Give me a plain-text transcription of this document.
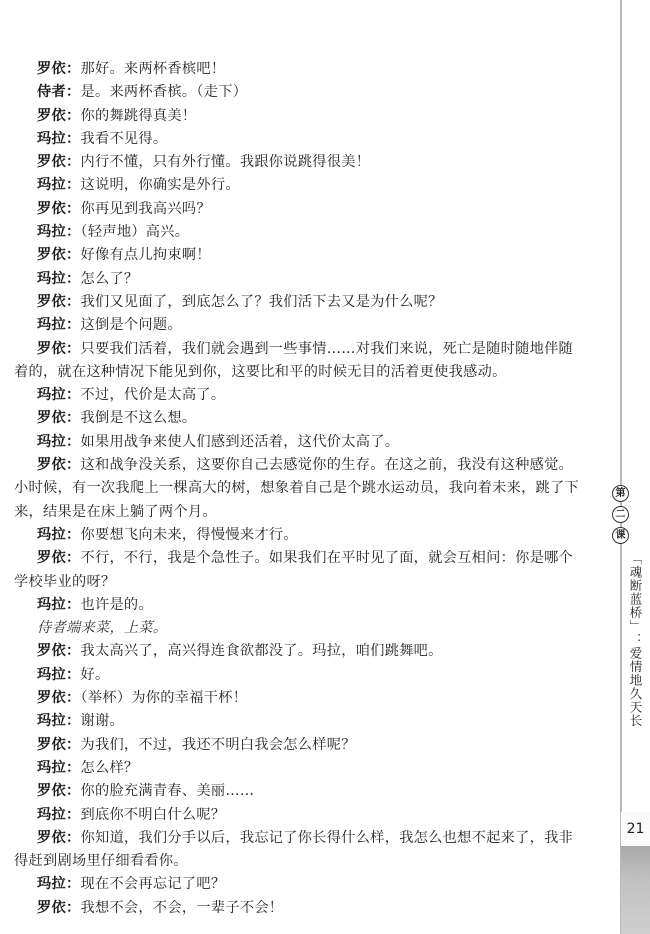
罗依：那好。来两杯香槟吧！
侍者：是。来两杯香槟。（走下）
罗依：你的舞跳得真美！
玛拉：我看不见得。
罗依：内行不懂，只有外行懂。我跟你说跳得很美！
玛拉：这说明，你确实是外行。
罗依：你再见到我高兴吗？
玛拉：（轻声地）高兴。
罗依：好像有点儿拘束啊！
玛拉：怎么了？
罗依：我们又见面了，到底怎么了？我们活下去又是为什么呢？
玛拉：这倒是个问题。
罗依：只要我们活着，我们就会遇到一些事情……对我们来说，死亡是随时随地伴随
着的，就在这种情况下能见到你，这要比和平的时候无目的活着更使我感动。
玛拉：不过，代价是太高了。
罗依：我倒是不这么想。
玛拉：如果用战争来使人们感到还活着，这代价太高了。
罗依：这和战争没关系，这要你自己去感觉你的生存。在这之前，我没有这种感觉。
小时候，有一次我爬上一棵高大的树，想象着自己是个跳水运动员，我向着未来，跳了下
来，结果是在床上躺了两个月。
玛拉：你要想飞向未来，得慢慢来才行。
罗依：不行，不行，我是个急性子。如果我们在平时见了面，就会互相问：你是哪个
学校毕业的呀？
玛拉：也许是的。
侍者端来菜，上菜。
罗依：我太高兴了，高兴得连食欲都没了。玛拉，咱们跳舞吧。
玛拉：好。
罗依：（举杯）为你的幸福干杯！
玛拉：谢谢。
罗依：为我们，不过，我还不明白我会怎么样呢？
玛拉：怎么样？
罗依：你的脸充满青春、美丽……
玛拉：到底你不明白什么呢？
罗依：你知道，我们分手以后，我忘记了你长得什么样，我怎么也想不起来了，我非
得赶到剧场里仔细看看你。
玛拉：现在不会再忘记了吧？
罗依：我想不会，不会，一辈子不会！
第
二
课
「魂断蓝桥」：爱情地久天长
21
